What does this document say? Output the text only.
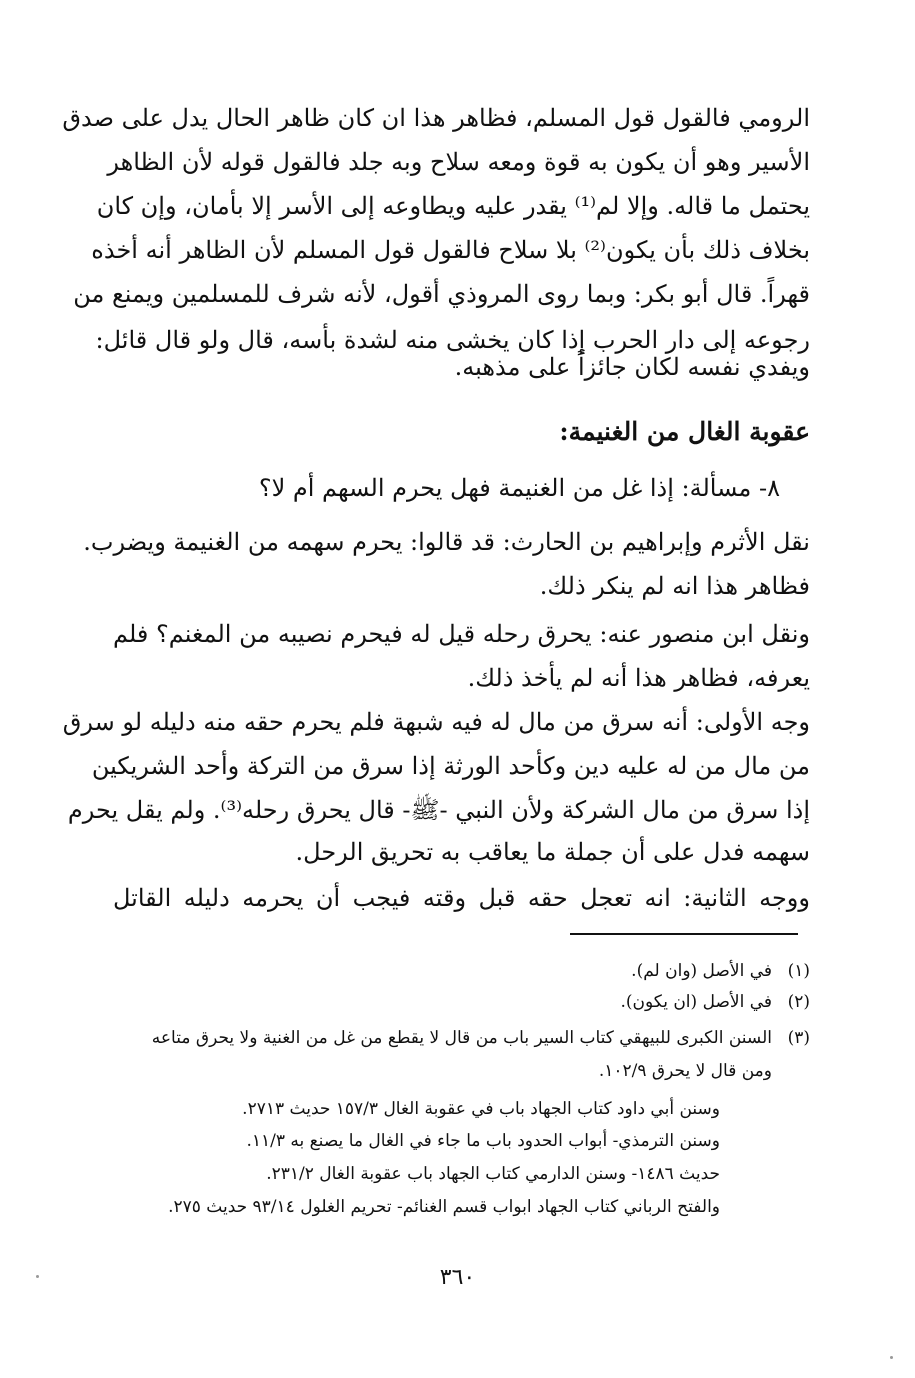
الرومي فالقول قول المسلم، فظاهر هذا ان كان ظاهر الحال يدل على صدق
الأسير وهو أن يكون به قوة ومعه سلاح وبه جلد فالقول قوله لأن الظاهر
يحتمل ما قاله. وإلا لم⁽¹⁾ يقدر عليه ويطاوعه إلى الأسر إلا بأمان، وإن كان
بخلاف ذلك بأن يكون⁽²⁾ بلا سلاح فالقول قول المسلم لأن الظاهر أنه أخذه
قهراً. قال أبو بكر: وبما روى المروذي أقول، لأنه شرف للمسلمين ويمنع من
رجوعه إلى دار الحرب إذا كان يخشى منه لشدة بأسه، قال ولو قال قائل:
ويفدي نفسه لكان جائزاً على مذهبه.
عقوبة الغال من الغنيمة:
٨- مسألة: إذا غل من الغنيمة فهل يحرم السهم أم لا؟
نقل الأثرم وإبراهيم بن الحارث: قد قالوا: يحرم سهمه من الغنيمة ويضرب.
فظاهر هذا انه لم ينكر ذلك.
ونقل ابن منصور عنه: يحرق رحله قيل له فيحرم نصيبه من المغنم؟ فلم
يعرفه، فظاهر هذا أنه لم يأخذ ذلك.
وجه الأولى: أنه سرق من مال له فيه شبهة فلم يحرم حقه منه دليله لو سرق
من مال من له عليه دين وكأحد الورثة إذا سرق من التركة وأحد الشريكين
إذا سرق من مال الشركة ولأن النبي -ﷺ- قال يحرق رحله⁽³⁾. ولم يقل يحرم
سهمه فدل على أن جملة ما يعاقب به تحريق الرحل.
ووجه الثانية: انه تعجل حقه قبل وقته فيجب أن يحرمه دليله القاتل
(١)في الأصل (وان لم).
(٢)في الأصل (ان يكون).
(٣)السنن الكبرى للبيهقي كتاب السير باب من قال لا يقطع من غل من الغنية ولا يحرق متاعه
ومن قال لا يحرق ١٠٢/٩.
وسنن أبي داود كتاب الجهاد باب في عقوبة الغال ١٥٧/٣ حديث ٢٧١٣.
وسنن الترمذي- أبواب الحدود باب ما جاء في الغال ما يصنع به ١١/٣.
حديث ١٤٨٦- وسنن الدارمي كتاب الجهاد باب عقوبة الغال ٢٣١/٢.
والفتح الرباني كتاب الجهاد ابواب قسم الغنائم- تحريم الغلول ٩٣/١٤ حديث ٢٧٥.
٣٦٠
